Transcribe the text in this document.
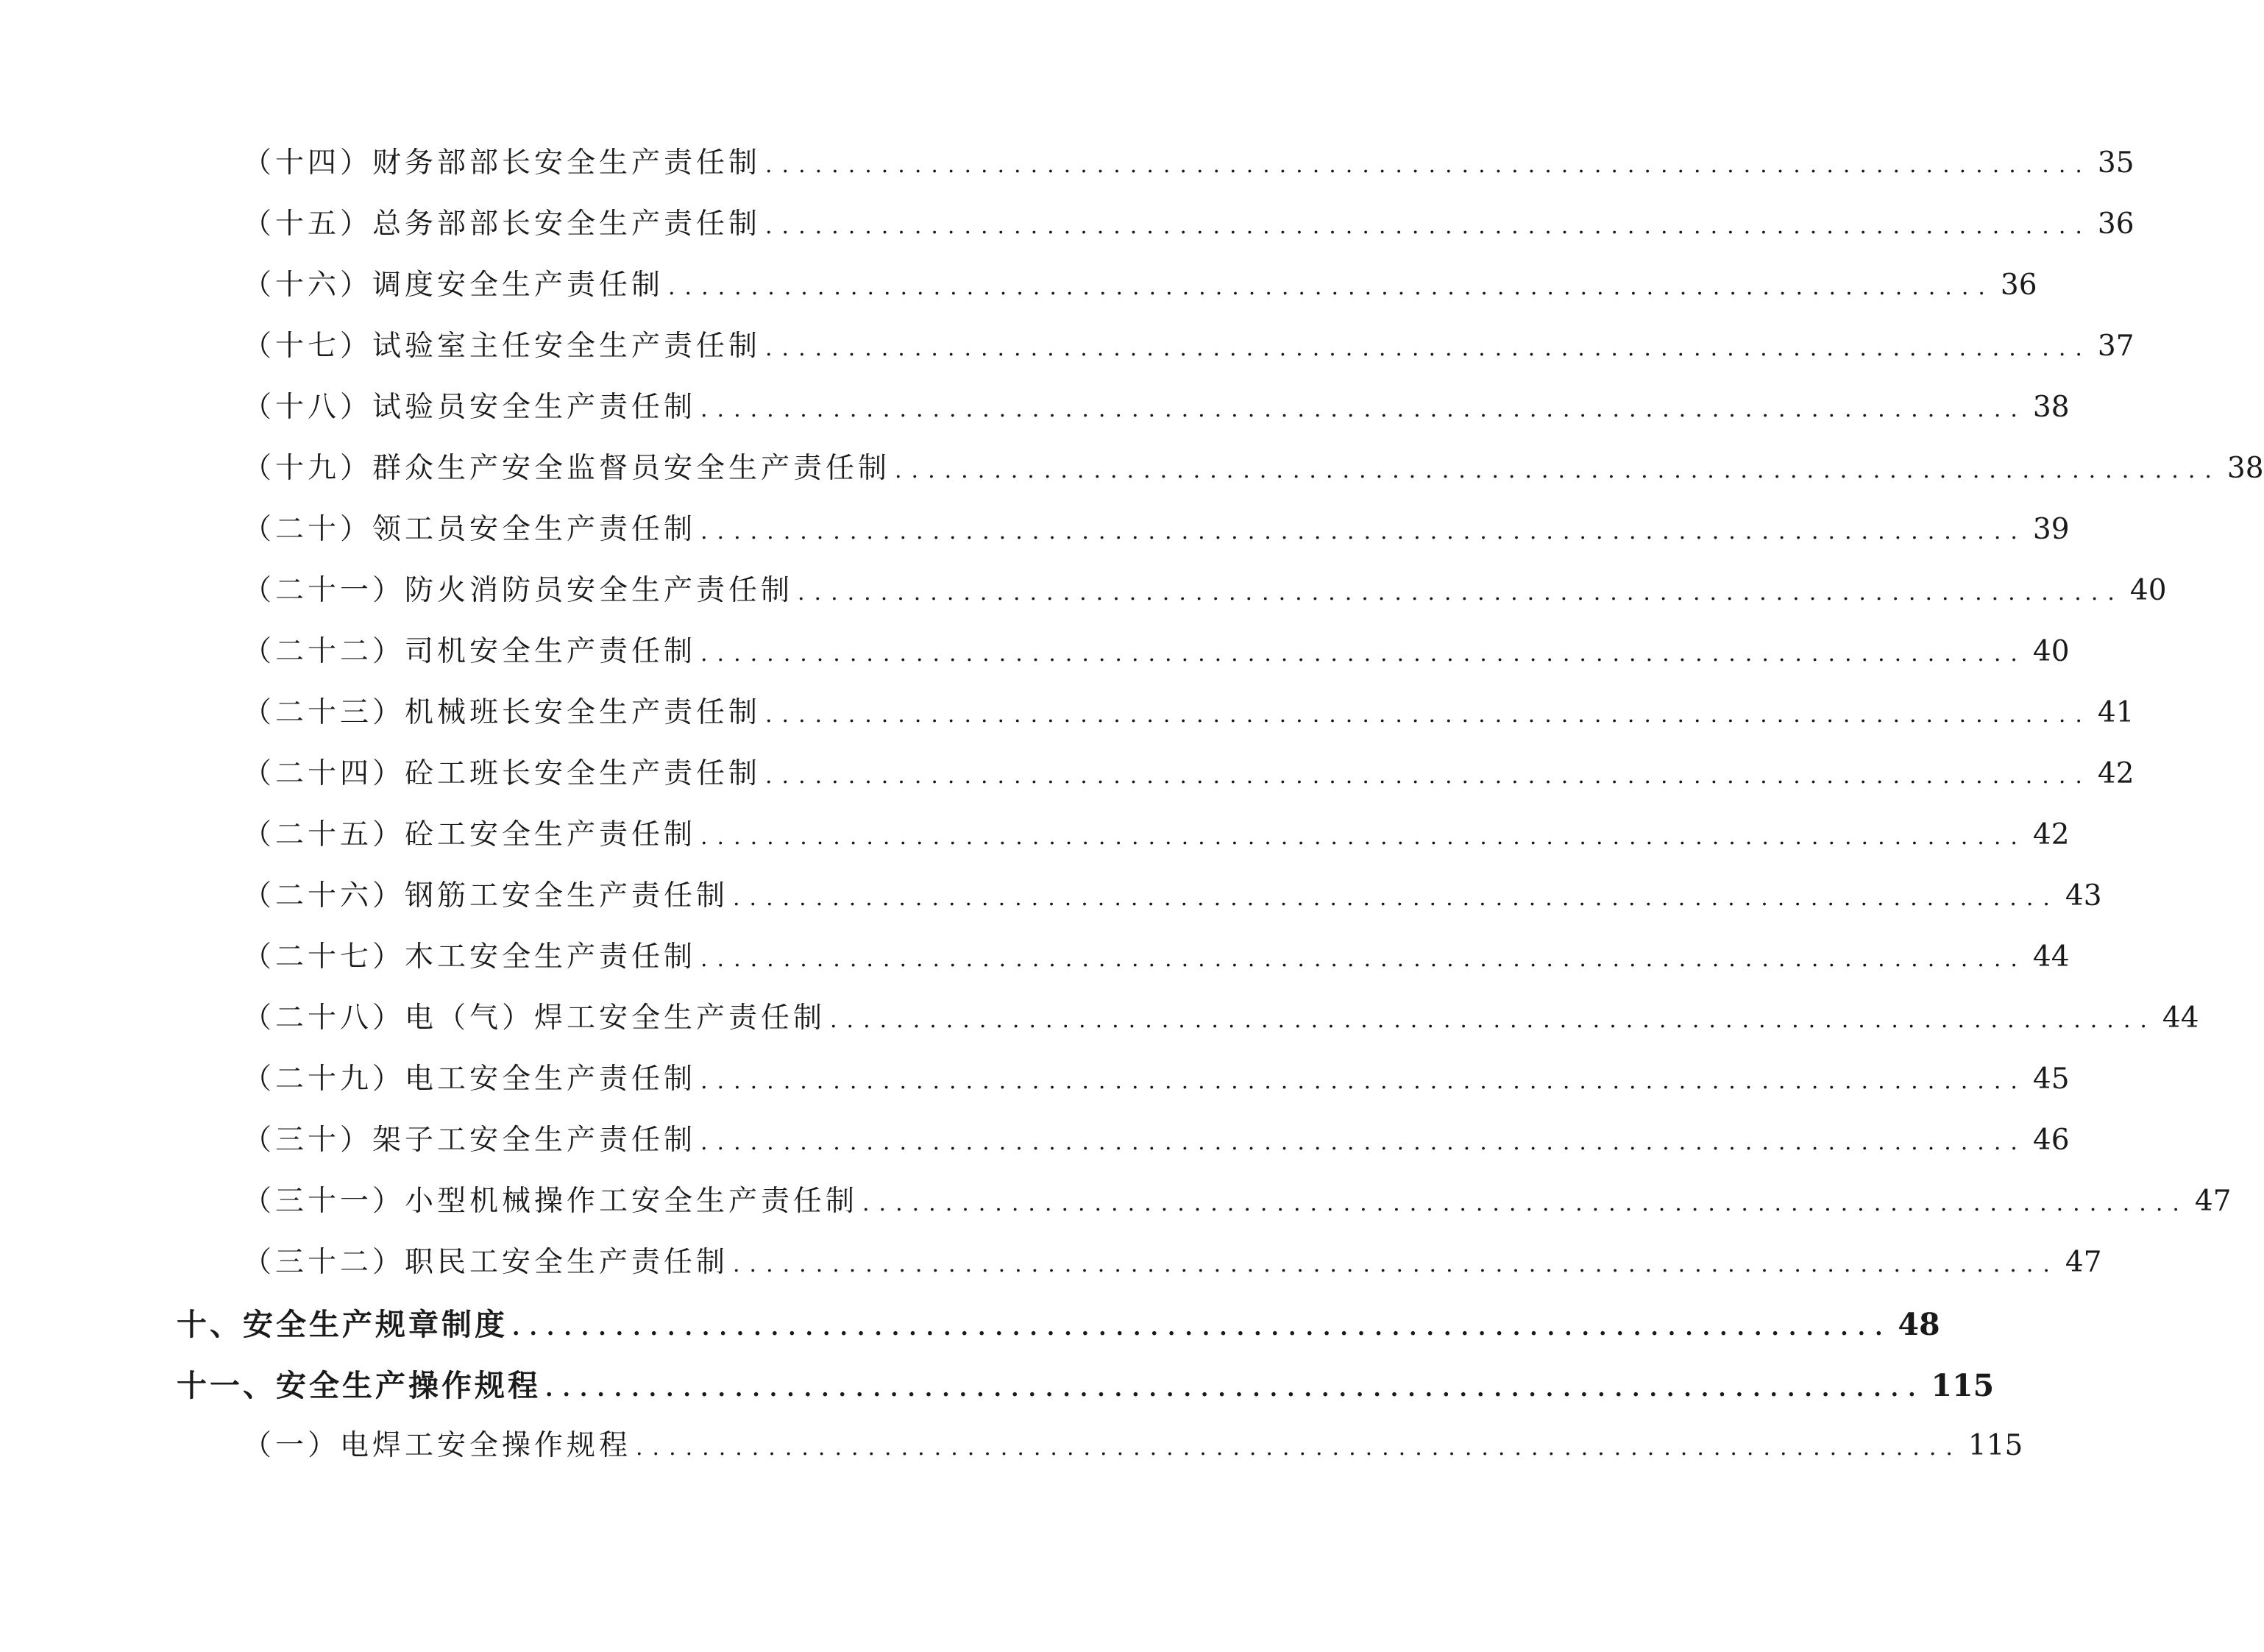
（十四）财务部部长安全生产责任制 ................................................................................ 35
（十五）总务部部长安全生产责任制 ................................................................................ 36
（十六）调度安全生产责任制 ................................................................................ 36
（十七）试验室主任安全生产责任制 ................................................................................ 37
（十八）试验员安全生产责任制 ................................................................................ 38
（十九）群众生产安全监督员安全生产责任制 ................................................................................ 38
（二十）领工员安全生产责任制 ................................................................................ 39
（二十一）防火消防员安全生产责任制 ................................................................................ 40
（二十二）司机安全生产责任制 ................................................................................ 40
（二十三）机械班长安全生产责任制 ................................................................................ 41
（二十四）砼工班长安全生产责任制 ................................................................................ 42
（二十五）砼工安全生产责任制 ................................................................................ 42
（二十六）钢筋工安全生产责任制 ................................................................................ 43
（二十七）木工安全生产责任制 ................................................................................ 44
（二十八）电（气）焊工安全生产责任制 ................................................................................ 44
（二十九）电工安全生产责任制 ................................................................................ 45
（三十）架子工安全生产责任制 ................................................................................ 46
（三十一）小型机械操作工安全生产责任制 ................................................................................ 47
（三十二）职民工安全生产责任制 ................................................................................ 47
十、安全生产规章制度 ................................................................................ 48
十一、安全生产操作规程 ................................................................................ 115
（一）电焊工安全操作规程 ................................................................................ 115
